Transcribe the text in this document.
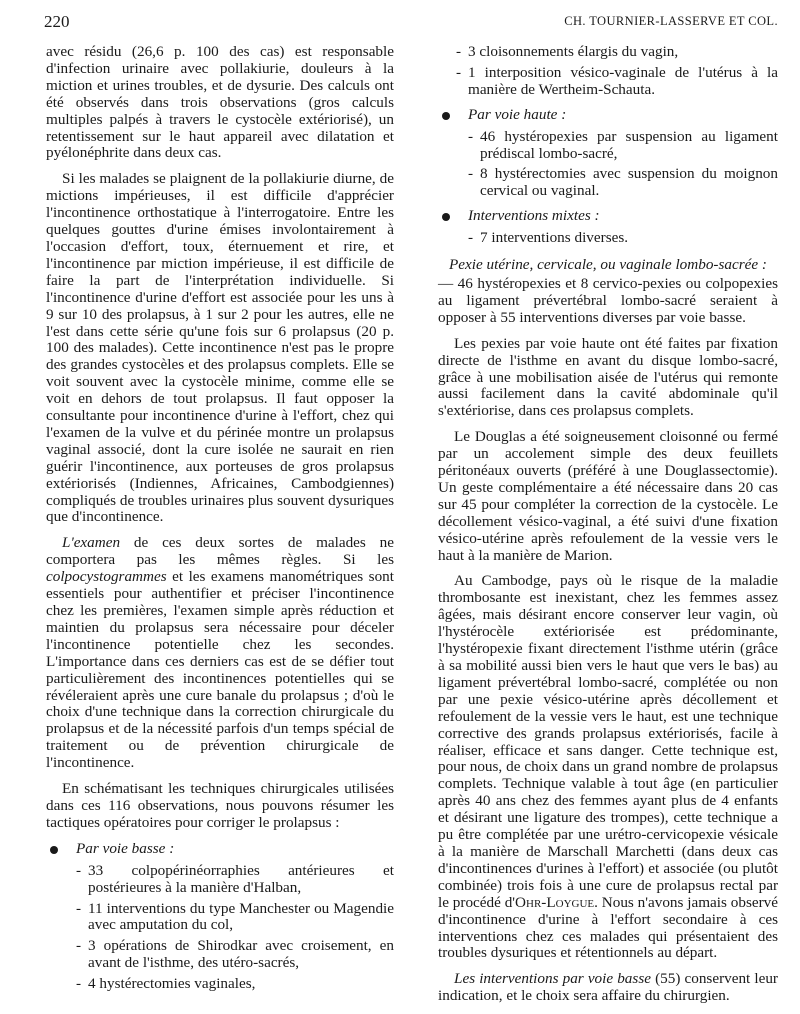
220	CH. TOURNIER-LASSERVE ET COL.

avec résidu (26,6 p. 100 des cas) est responsable d'infection urinaire avec pollakiurie, douleurs à la miction et urines troubles, et de dysurie. Des calculs ont été observés dans trois observations (gros calculs multiples palpés à travers le cystocèle extériorisé), un retentissement sur le haut appareil avec dilatation et pyélonéphrite dans deux cas.

Si les malades se plaignent de la pollakiurie diurne, de mictions impérieuses, il est difficile d'apprécier l'incontinence orthostatique à l'interrogatoire. Entre les quelques gouttes d'urine émises involontairement à l'occasion d'effort, toux, éternuement et rire, et l'incontinence par miction impérieuse, il est difficile de faire la part de l'interprétation individuelle. Si l'incontinence d'urine d'effort est associée pour les uns à 9 sur 10 des prolapsus, à 1 sur 2 pour les autres, elle ne l'est dans cette série qu'une fois sur 6 prolapsus (20 p. 100 des malades). Cette incontinence n'est pas le propre des grandes cystocèles et des prolapsus complets. Elle se voit souvent avec la cystocèle minime, comme elle se voit en dehors de tout prolapsus. Il faut opposer la consultante pour incontinence d'urine à l'effort, chez qui l'examen de la vulve et du périnée montre un prolapsus vaginal associé, dont la cure isolée ne saurait en rien guérir l'incontinence, aux porteuses de gros prolapsus extériorisés (Indiennes, Africaines, Cambodgiennes) compliqués de troubles urinaires plus souvent dysuriques que d'incontinence.

L'examen de ces deux sortes de malades ne comportera pas les mêmes règles. Si les colpocystogrammes et les examens manométriques sont essentiels pour authentifier et préciser l'incontinence chez les premières, l'examen simple après réduction et maintien du prolapsus sera nécessaire pour déceler l'incontinence potentielle chez les secondes. L'importance dans ces derniers cas est de se défier tout particulièrement des incontinences potentielles qui se révéleraient après une cure banale du prolapsus ; d'où le choix d'une technique dans la correction chirurgicale du prolapsus et de la nécessité parfois d'un temps spécial de traitement ou de prévention chirurgicale de l'incontinence.

En schématisant les techniques chirurgicales utilisées dans ces 116 observations, nous pouvons résumer les tactiques opératoires pour corriger le prolapsus :

Par voie basse :
- 33 colpopérinéorraphies antérieures et postérieures à la manière d'Halban,
- 11 interventions du type Manchester ou Magendie avec amputation du col,
- 3 opérations de Shirodkar avec croisement, en avant de l'isthme, des utéro-sacrés,
- 4 hystérectomies vaginales,
- 3 cloisonnements élargis du vagin,
- 1 interposition vésico-vaginale de l'utérus à la manière de Wertheim-Schauta.
Par voie haute :
- 46 hystéropexies par suspension au ligament prédiscal lombo-sacré,
- 8 hystérectomies avec suspension du moignon cervical ou vaginal.
Interventions mixtes :
- 7 interventions diverses.
Pexie utérine, cervicale, ou vaginale lombo-sacrée :

— 46 hystéropexies et 8 cervico-pexies ou colpopexies au ligament prévertébral lombo-sacré seraient à opposer à 55 interventions diverses par voie basse.

Les pexies par voie haute ont été faites par fixation directe de l'isthme en avant du disque lombo-sacré, grâce à une mobilisation aisée de l'utérus qui remonte aussi facilement dans la cavité abdominale qu'il s'extériorise, dans ces prolapsus complets.

Le Douglas a été soigneusement cloisonné ou fermé par un accolement simple des deux feuillets péritonéaux ouverts (préféré à une Douglassectomie). Un geste complémentaire a été nécessaire dans 20 cas sur 45 pour compléter la correction de la cystocèle. Le décollement vésico-vaginal, a été suivi d'une fixation vésico-utérine après refoulement de la vessie vers le haut à la manière de Marion.

Au Cambodge, pays où le risque de la maladie thrombosante est inexistant, chez les femmes assez âgées, mais désirant encore conserver leur vagin, où l'hystérocèle extériorisée est prédominante, l'hystéropexie fixant directement l'isthme utérin (grâce à sa mobilité aussi bien vers le haut que vers le bas) au ligament prévertébral lombo-sacré, complétée ou non par une pexie vésico-utérine après décollement et refoulement de la vessie vers le haut, est une technique corrective des grands prolapsus extériorisés, facile à réaliser, efficace et sans danger. Cette technique est, pour nous, de choix dans un grand nombre de prolapsus complets. Technique valable à tout âge (en particulier après 40 ans chez des femmes ayant plus de 4 enfants et désirant une ligature des trompes), cette technique a pu être complétée par une urétro-cervicopexie vésicale à la manière de Marschall Marchetti (dans deux cas d'incontinences d'urines à l'effort) et associée (ou plutôt combinée) trois fois à une cure de prolapsus rectal par le procédé d'Ohr-Loygue. Nous n'avons jamais observé d'incontinence d'urine à l'effort secondaire à ces interventions chez ces malades qui présentaient des troubles dysuriques et rétentionnels au départ.

Les interventions par voie basse (55) conservent leur indication, et le choix sera affaire du chirurgien.
